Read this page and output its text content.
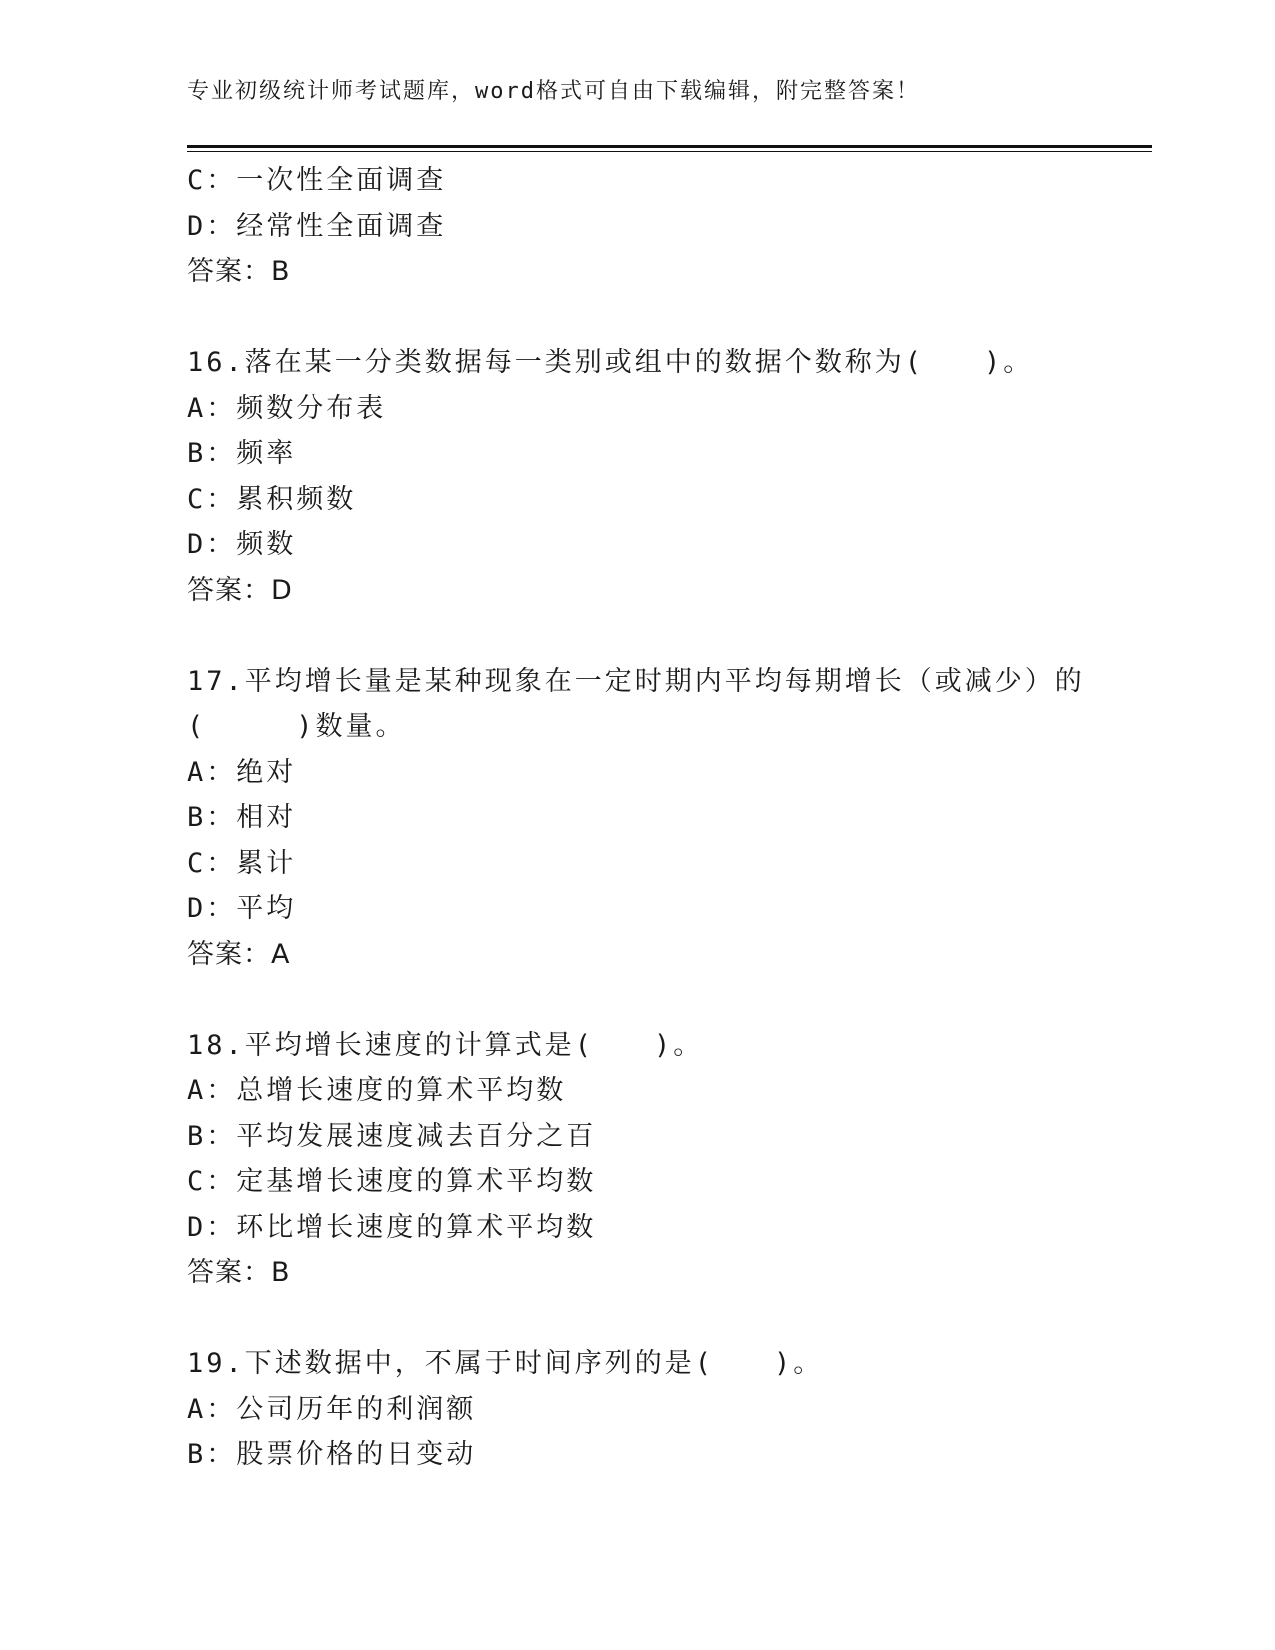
专业初级统计师考试题库，word格式可自由下载编辑，附完整答案！
C：一次性全面调查
D：经常性全面调查
答案：B
16.落在某一分类数据每一类别或组中的数据个数称为(　　)。
A：频数分布表
B：频率
C：累积频数
D：频数
答案：D
17.平均增长量是某种现象在一定时期内平均每期增长（或减少）的
(　　　)数量。
A：绝对
B：相对
C：累计
D：平均
答案：A
18.平均增长速度的计算式是(　　)。
A：总增长速度的算术平均数
B：平均发展速度减去百分之百
C：定基增长速度的算术平均数
D：环比增长速度的算术平均数
答案：B
19.下述数据中，不属于时间序列的是(　　)。
A：公司历年的利润额
B：股票价格的日变动
